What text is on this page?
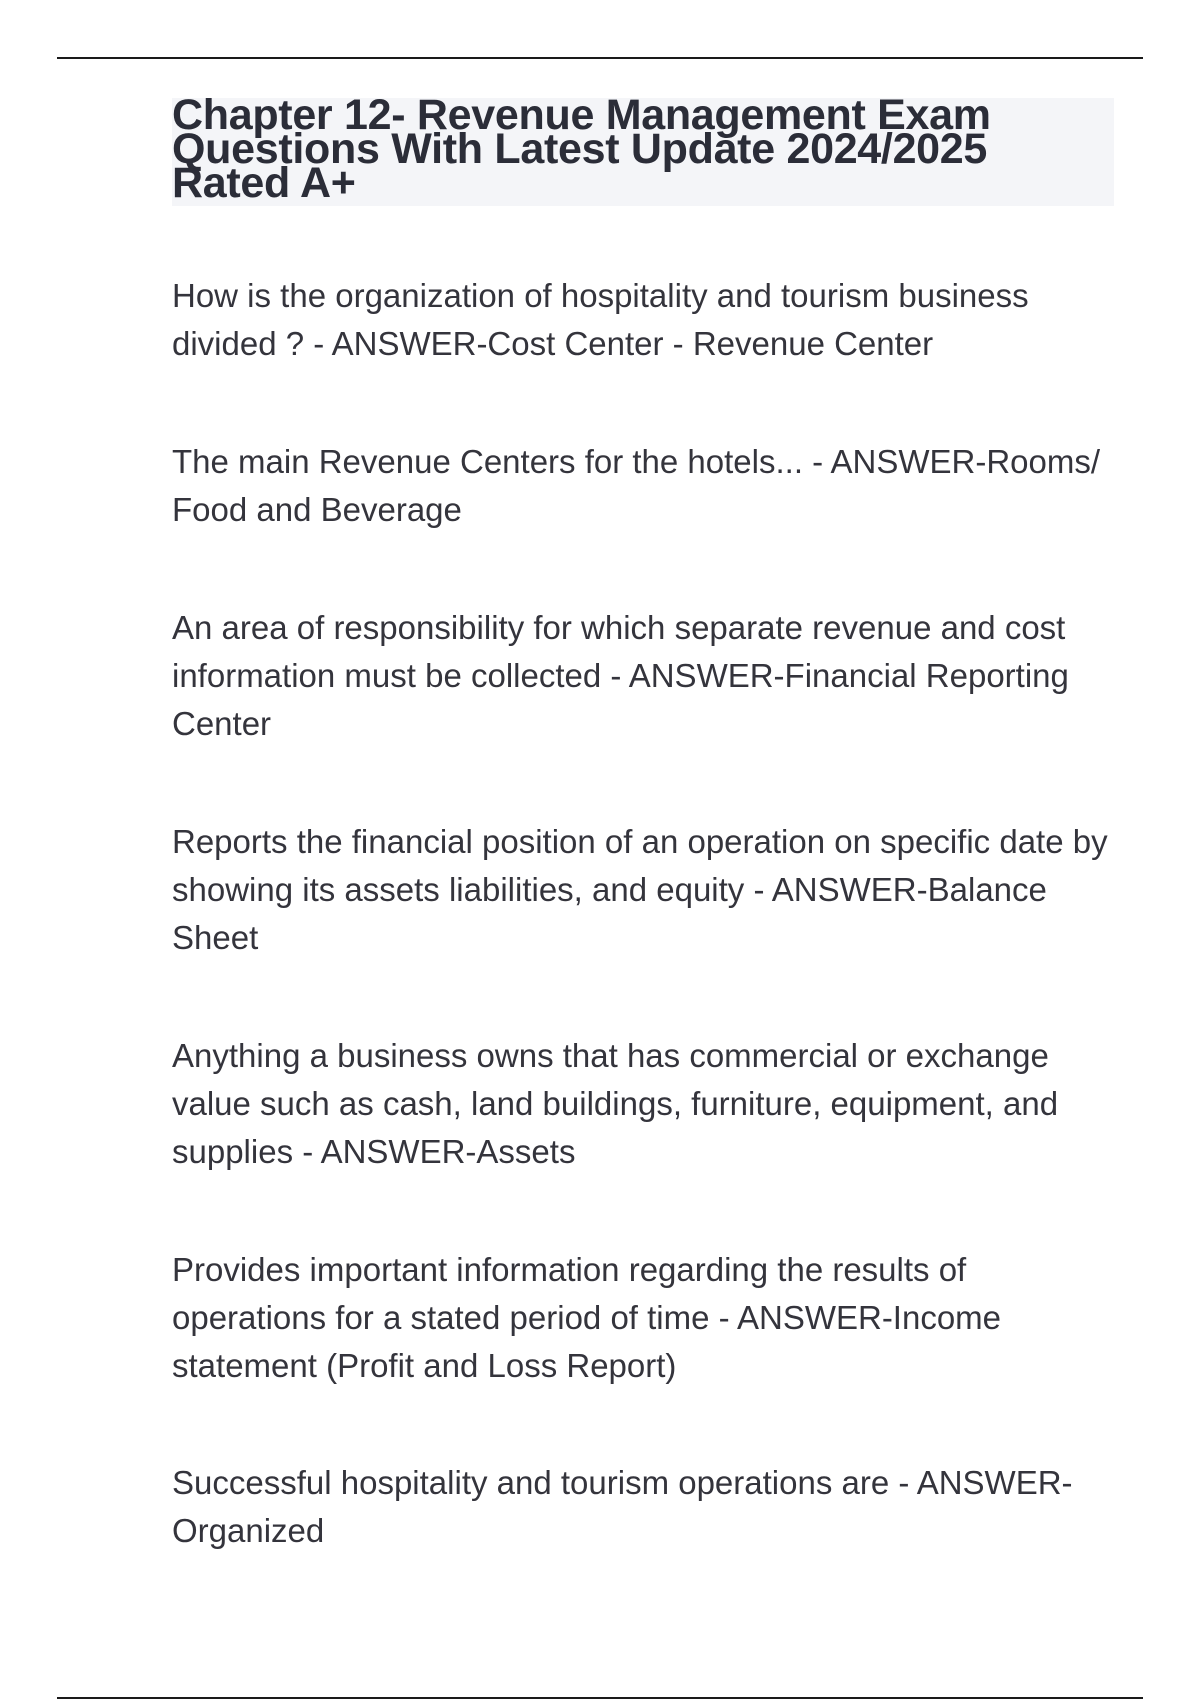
Chapter 12- Revenue Management Exam
Questions With Latest Update 2024/2025
Rated A+

How is the organization of hospitality and tourism business divided ? - ANSWER-Cost Center - Revenue Center

The main Revenue Centers for the hotels... - ANSWER-Rooms/ Food and Beverage

An area of responsibility for which separate revenue and cost information must be collected - ANSWER-Financial Reporting Center

Reports the financial position of an operation on specific date by showing its assets liabilities, and equity - ANSWER-Balance Sheet

Anything a business owns that has commercial or exchange value such as cash, land buildings, furniture, equipment, and supplies - ANSWER-Assets

Provides important information regarding the results of operations for a stated period of time - ANSWER-Income statement (Profit and Loss Report)

Successful hospitality and tourism operations are - ANSWER-Organized
